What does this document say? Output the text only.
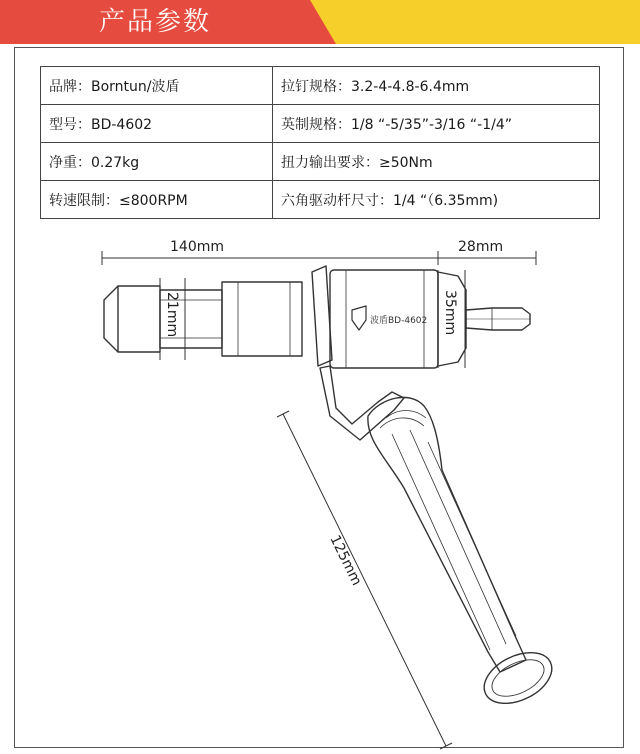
产品参数
品牌：Borntun/波盾	拉钉规格：3.2-4-4.8-6.4mm
型号：BD-4602	英制规格：1/8 “-5/35”-3/16 “-1/4”
净重：0.27kg	扭力输出要求：≥50Nm
转速限制：≤800RPM	六角驱动杆尺寸：1/4 “（6.35mm)
140mm	28mm
21mm	35mm
125mm
波盾BD-4602
